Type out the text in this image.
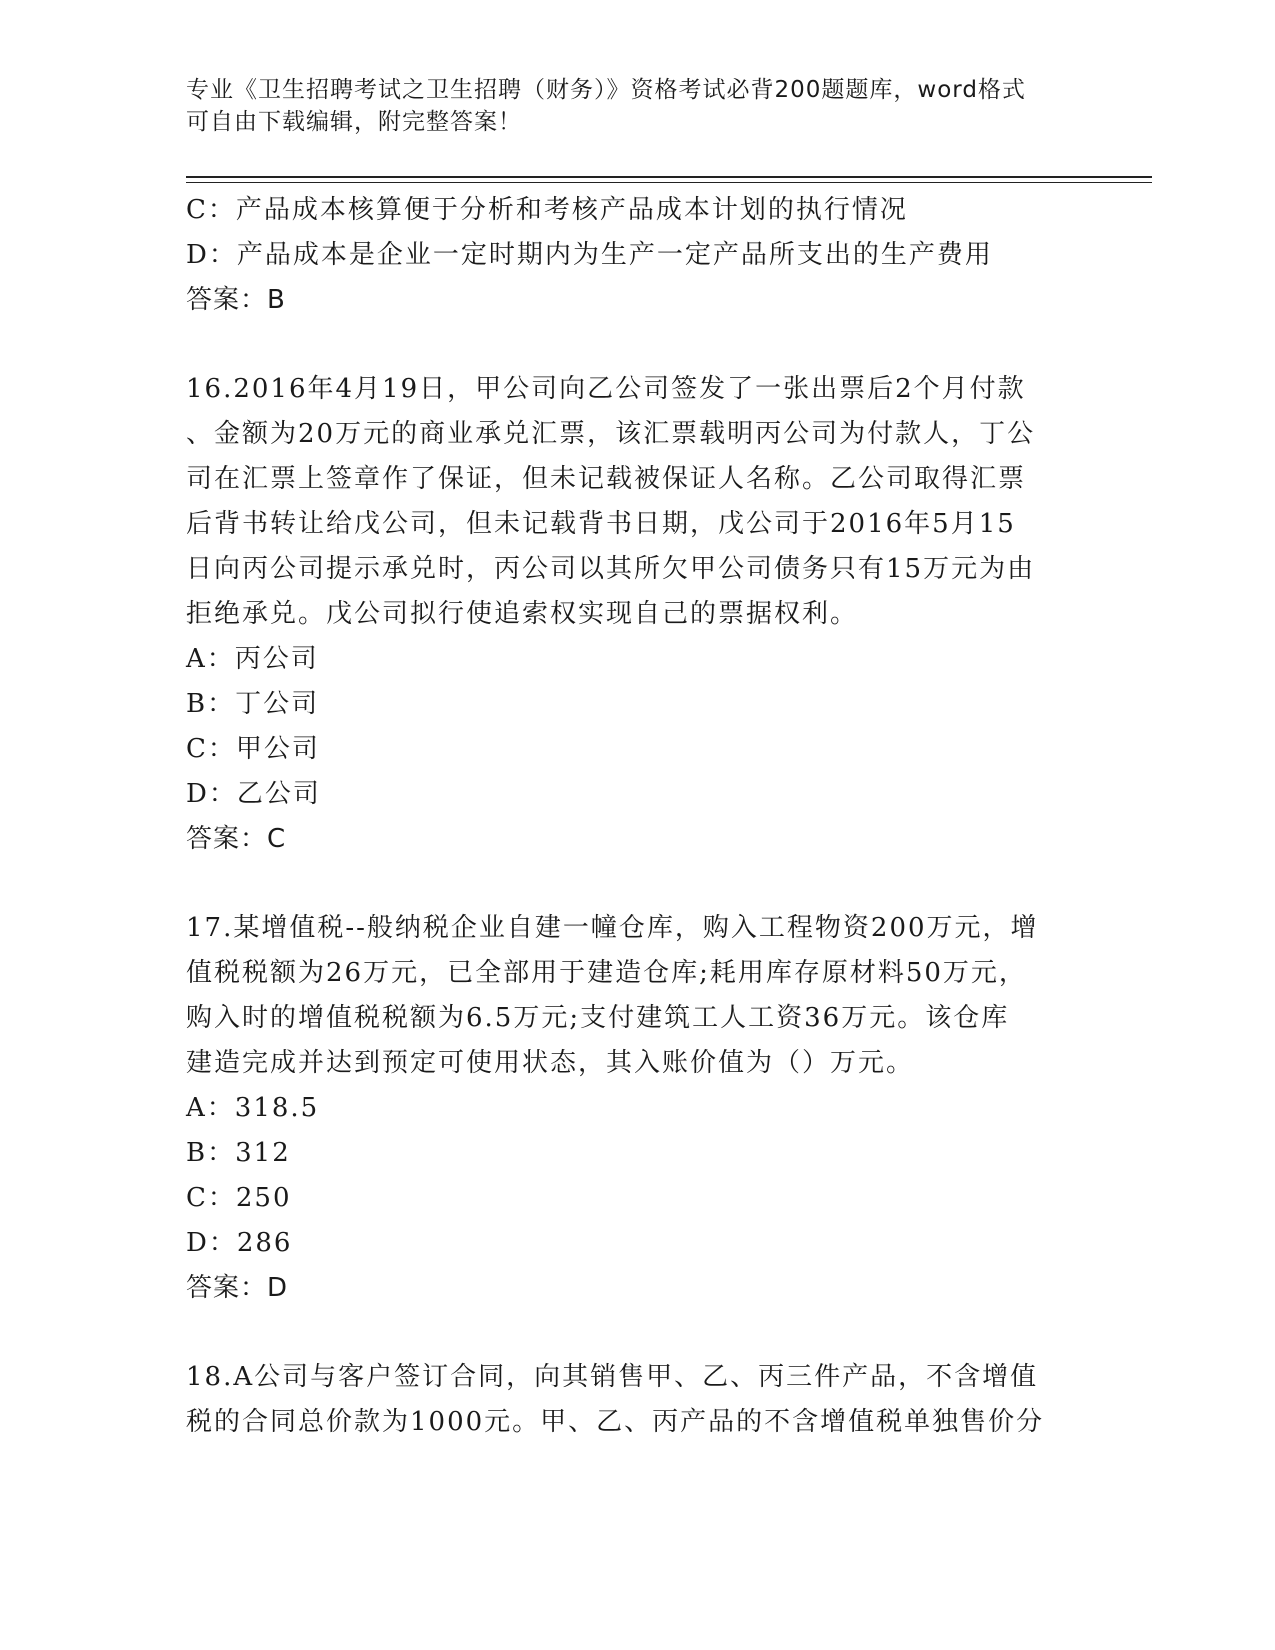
专业《卫生招聘考试之卫生招聘（财务）》资格考试必背200题题库，word格式
可自由下载编辑，附完整答案！
C：产品成本核算便于分析和考核产品成本计划的执行情况
D：产品成本是企业一定时期内为生产一定产品所支出的生产费用
答案：B
16.2016年4月19日，甲公司向乙公司签发了一张出票后2个月付款
、金额为20万元的商业承兑汇票，该汇票载明丙公司为付款人，丁公
司在汇票上签章作了保证，但未记载被保证人名称。乙公司取得汇票
后背书转让给戊公司，但未记载背书日期，戊公司于2016年5月15
日向丙公司提示承兑时，丙公司以其所欠甲公司债务只有15万元为由
拒绝承兑。戊公司拟行使追索权实现自己的票据权利。
A：丙公司
B：丁公司
C：甲公司
D：乙公司
答案：C
17.某增值税--般纳税企业自建一幢仓库，购入工程物资200万元，增
值税税额为26万元，已全部用于建造仓库;耗用库存原材料50万元，
购入时的增值税税额为6.5万元;支付建筑工人工资36万元。该仓库
建造完成并达到预定可使用状态，其入账价值为（）万元。
A：318.5
B：312
C：250
D：286
答案：D
18.A公司与客户签订合同，向其销售甲、乙、丙三件产品，不含增值
税的合同总价款为1000元。甲、乙、丙产品的不含增值税单独售价分
